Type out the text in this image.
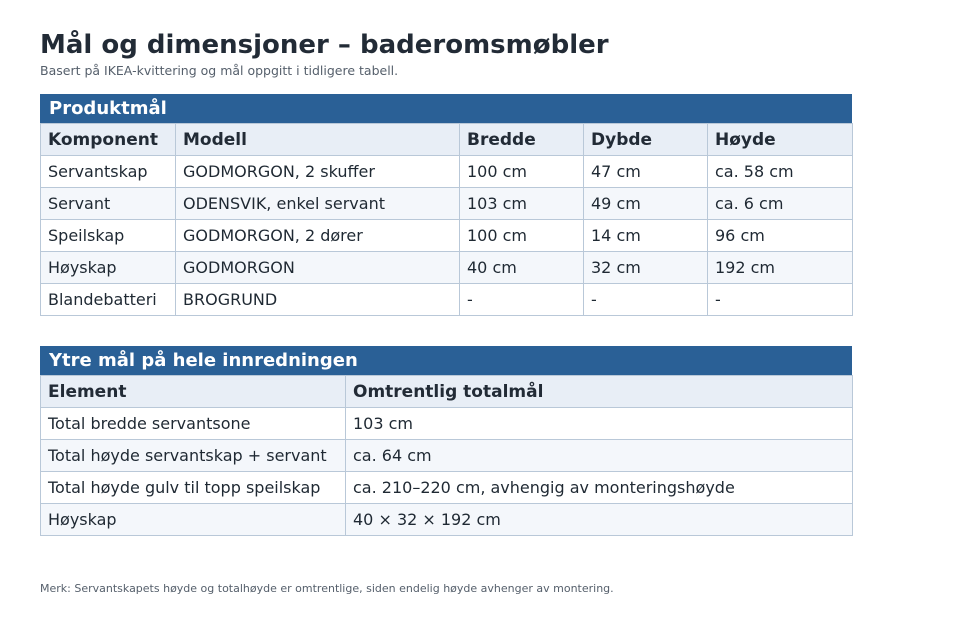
Mål og dimensjoner – baderomsmøbler

Basert på IKEA-kvittering og mål oppgitt i tidligere tabell.

Produktmål
Komponent	Modell	Bredde	Dybde	Høyde
Servantskap	GODMORGON, 2 skuffer	100 cm	47 cm	ca. 58 cm
Servant	ODENSVIK, enkel servant	103 cm	49 cm	ca. 6 cm
Speilskap	GODMORGON, 2 dører	100 cm	14 cm	96 cm
Høyskap	GODMORGON	40 cm	32 cm	192 cm
Blandebatteri	BROGRUND	-	-	-
Ytre mål på hele innredningen
Element	Omtrentlig totalmål
Total bredde servantsone	103 cm
Total høyde servantskap + servant	ca. 64 cm
Total høyde gulv til topp speilskap	ca. 210–220 cm, avhengig av monteringshøyde
Høyskap	40 × 32 × 192 cm
Merk: Servantskapets høyde og totalhøyde er omtrentlige, siden endelig høyde avhenger av montering.
